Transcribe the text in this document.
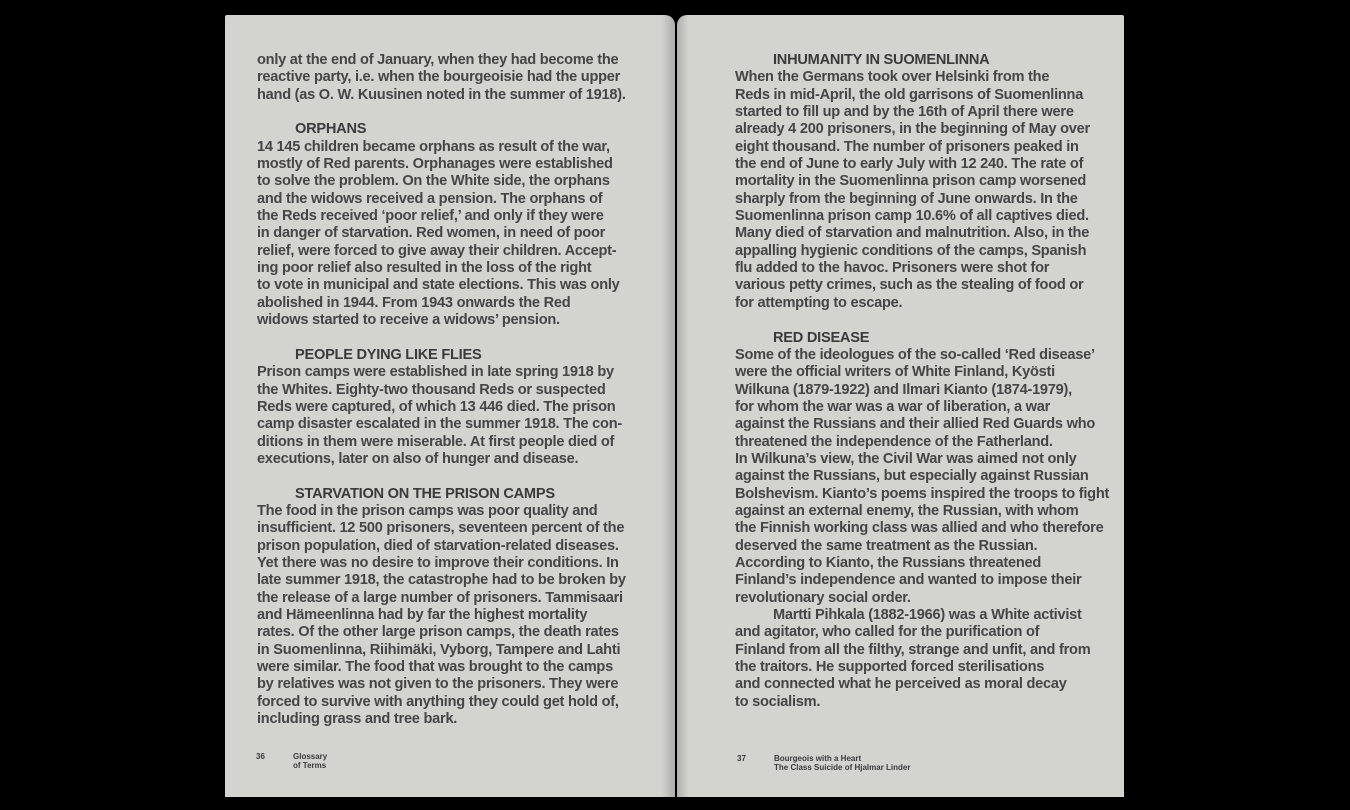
only at the end of January, when they had become the
reactive party, i.e. when the bourgeoisie had the upper
hand (as O. W. Kuusinen noted in the summer of 1918).
ORPHANS
14 145 children became orphans as result of the war,
mostly of Red parents. Orphanages were established
to solve the problem. On the White side, the orphans
and the widows received a pension. The orphans of
the Reds received ‘poor relief,’ and only if they were
in danger of starvation. Red women, in need of poor
relief, were forced to give away their children. Accept-
ing poor relief also resulted in the loss of the right
to vote in municipal and state elections. This was only
abolished in 1944. From 1943 onwards the Red
widows started to receive a widows’ pension.
PEOPLE DYING LIKE FLIES
Prison camps were established in late spring 1918 by
the Whites. Eighty-two thousand Reds or suspected
Reds were captured, of which 13 446 died. The prison
camp disaster escalated in the summer 1918. The con-
ditions in them were miserable. At first people died of
executions, later on also of hunger and disease.
STARVATION ON THE PRISON CAMPS
The food in the prison camps was poor quality and
insufficient. 12 500 prisoners, seventeen percent of the
prison population, died of starvation-related diseases.
Yet there was no desire to improve their conditions. In
late summer 1918, the catastrophe had to be broken by
the release of a large number of prisoners. Tammisaari
and Hämeenlinna had by far the highest mortality
rates. Of the other large prison camps, the death rates
in Suomenlinna, Riihimäki, Vyborg, Tampere and Lahti
were similar. The food that was brought to the camps
by relatives was not given to the prisoners. They were
forced to survive with anything they could get hold of,
including grass and tree bark.
36	Glossary
of Terms
INHUMANITY IN SUOMENLINNA
When the Germans took over Helsinki from the
Reds in mid-April, the old garrisons of Suomenlinna
started to fill up and by the 16th of April there were
already 4 200 prisoners, in the beginning of May over
eight thousand. The number of prisoners peaked in
the end of June to early July with 12 240. The rate of
mortality in the Suomenlinna prison camp worsened
sharply from the beginning of June onwards. In the
Suomenlinna prison camp 10.6% of all captives died.
Many died of starvation and malnutrition. Also, in the
appalling hygienic conditions of the camps, Spanish
flu added to the havoc. Prisoners were shot for
various petty crimes, such as the stealing of food or
for attempting to escape.
RED DISEASE
Some of the ideologues of the so-called ‘Red disease’
were the official writers of White Finland, Kyösti
Wilkuna (1879-1922) and Ilmari Kianto (1874-1979),
for whom the war was a war of liberation, a war
against the Russians and their allied Red Guards who
threatened the independence of the Fatherland.
In Wilkuna’s view, the Civil War was aimed not only
against the Russians, but especially against Russian
Bolshevism. Kianto’s poems inspired the troops to fight
against an external enemy, the Russian, with whom
the Finnish working class was allied and who therefore
deserved the same treatment as the Russian.
According to Kianto, the Russians threatened
Finland’s independence and wanted to impose their
revolutionary social order.
Martti Pihkala (1882-1966) was a White activist
and agitator, who called for the purification of
Finland from all the filthy, strange and unfit, and from
the traitors. He supported forced sterilisations
and connected what he perceived as moral decay
to socialism.
37	Bourgeois with a Heart
The Class Suicide of Hjalmar Linder
